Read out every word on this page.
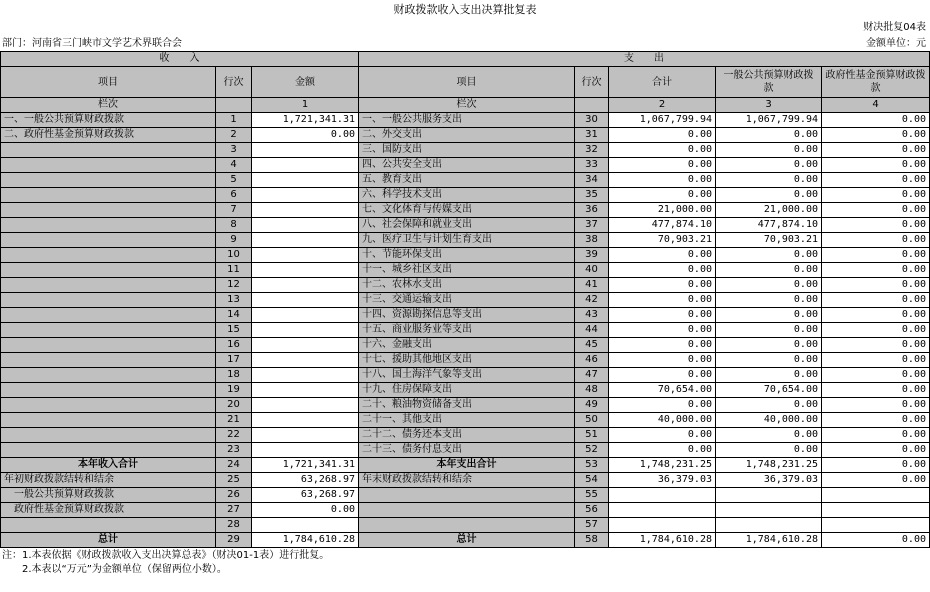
财政拨款收入支出决算批复表
财决批复04表
部门：河南省三门峡市文学艺术界联合会	金额单位：元
收　　入			支　　出				
项目	行次	金额	项目	行次	合计	一般公共预算财政拨款	政府性基金预算财政拨款
栏次		1	栏次		2	3	4
一、一般公共预算财政拨款	1	1,721,341.31	一、一般公共服务支出	30	1,067,799.94	1,067,799.94	0.00
二、政府性基金预算财政拨款	2	0.00	二、外交支出	31	0.00	0.00	0.00
	3		三、国防支出	32	0.00	0.00	0.00
	4		四、公共安全支出	33	0.00	0.00	0.00
	5		五、教育支出	34	0.00	0.00	0.00
	6		六、科学技术支出	35	0.00	0.00	0.00
	7		七、文化体育与传媒支出	36	21,000.00	21,000.00	0.00
	8		八、社会保障和就业支出	37	477,874.10	477,874.10	0.00
	9		九、医疗卫生与计划生育支出	38	70,903.21	70,903.21	0.00
	10		十、节能环保支出	39	0.00	0.00	0.00
	11		十一、城乡社区支出	40	0.00	0.00	0.00
	12		十二、农林水支出	41	0.00	0.00	0.00
	13		十三、交通运输支出	42	0.00	0.00	0.00
	14		十四、资源勘探信息等支出	43	0.00	0.00	0.00
	15		十五、商业服务业等支出	44	0.00	0.00	0.00
	16		十六、金融支出	45	0.00	0.00	0.00
	17		十七、援助其他地区支出	46	0.00	0.00	0.00
	18		十八、国土海洋气象等支出	47	0.00	0.00	0.00
	19		十九、住房保障支出	48	70,654.00	70,654.00	0.00
	20		二十、粮油物资储备支出	49	0.00	0.00	0.00
	21		二十一、其他支出	50	40,000.00	40,000.00	0.00
	22		二十二、债务还本支出	51	0.00	0.00	0.00
	23		二十三、债务付息支出	52	0.00	0.00	0.00
本年收入合计	24	1,721,341.31	本年支出合计	53	1,748,231.25	1,748,231.25	0.00
年初财政拨款结转和结余	25	63,268.97	年末财政拨款结转和结余	54	36,379.03	36,379.03	0.00
　一般公共预算财政拨款	26	63,268.97		55			
　政府性基金预算财政拨款	27	0.00		56			
	28			57			
总计	29	1,784,610.28	总计	58	1,784,610.28	1,784,610.28	0.00
注：1.本表依据《财政拨款收入支出决算总表》（财决01-1表）进行批复。
　　2.本表以“万元”为金额单位（保留两位小数）。
